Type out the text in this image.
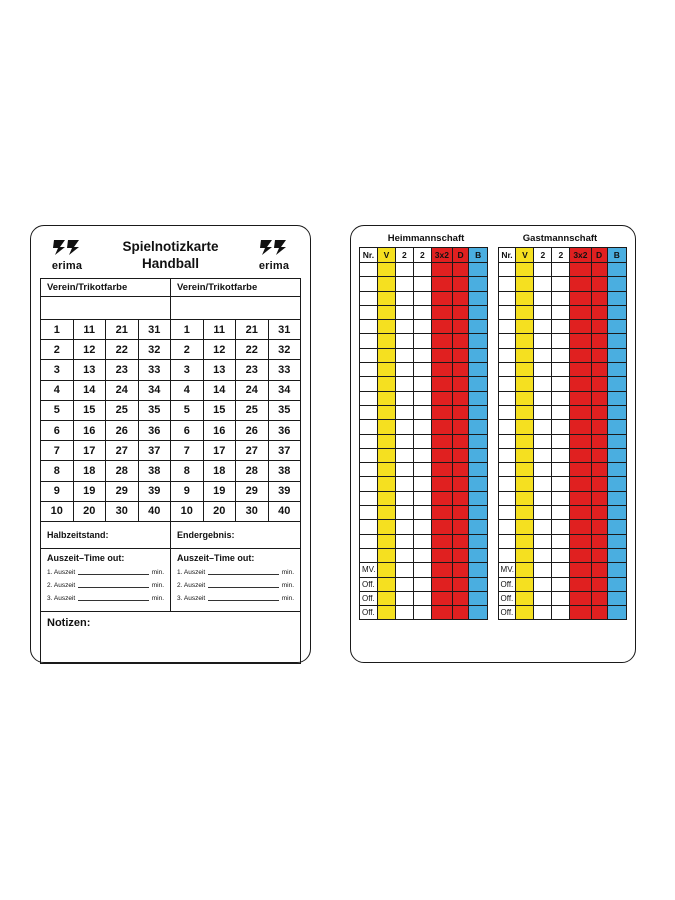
erima
Spielnotizkarte
Handball	erima
Verein/Trikotfarbe				Verein/Trikotfarbe			

1	11	21	31	1	11	21	31
2	12	22	32	2	12	22	32
3	13	23	33	3	13	23	33
4	14	24	34	4	14	24	34
5	15	25	35	5	15	25	35
6	16	26	36	6	16	26	36
7	17	27	37	7	17	27	37
8	18	28	38	8	18	28	38
9	19	29	39	9	19	29	39
10	20	30	40	10	20	30	40
Halbzeitstand:				Endergebnis:			

Auszeit–Time out:
1. Auszeit	min.
2. Auszeit	min.
3. Auszeit	min.

Auszeit–Time out:
1. Auszeit	min.
2. Auszeit	min.
3. Auszeit	min.

Notizen:							
Heimmannschaft	Gastmannschaft
Nr.	V	2	2	3x2	D	B		Nr.	V	2	2	3x2	D	B

MV.								MV.						
Off.								Off.						
Off.								Off.						
Off.								Off.						
